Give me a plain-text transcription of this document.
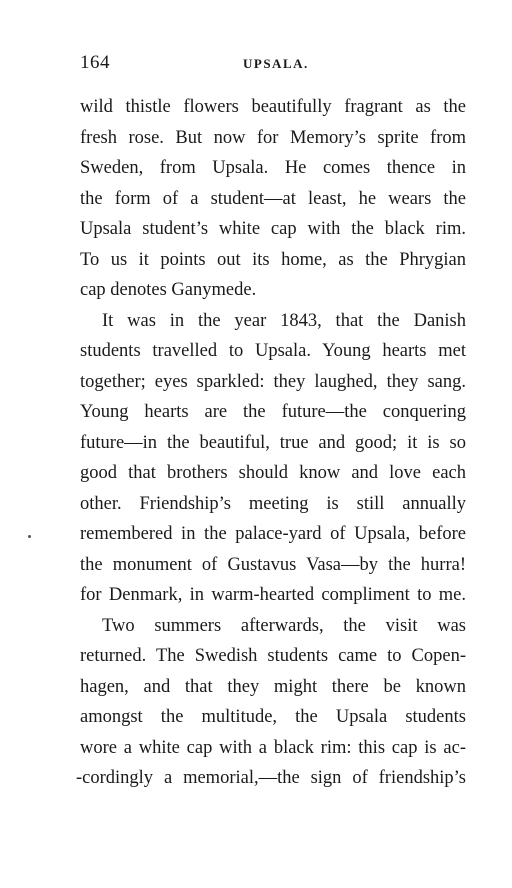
164	UPSALA.
wild thistle flowers beautifully fragrant as the
fresh rose. But now for Memory’s sprite from
Sweden, from Upsala. He comes thence in
the form of a student—at least, he wears the
Upsala student’s white cap with the black rim.
To us it points out its home, as the Phrygian
cap denotes Ganymede.
It was in the year 1843, that the Danish
students travelled to Upsala. Young hearts met
together; eyes sparkled: they laughed, they sang.
Young hearts are the future—the conquering
future—in the beautiful, true and good; it is so
good that brothers should know and love each
other. Friendship’s meeting is still annually
remembered in the palace-yard of Upsala, before
the monument of Gustavus Vasa—by the hurra!
for Denmark, in warm-hearted compliment to me.
Two summers afterwards, the visit was
returned. The Swedish students came to Copen-
hagen, and that they might there be known
amongst the multitude, the Upsala students
wore a white cap with a black rim: this cap is ac-
-cordingly a memorial,—the sign of friendship’s
